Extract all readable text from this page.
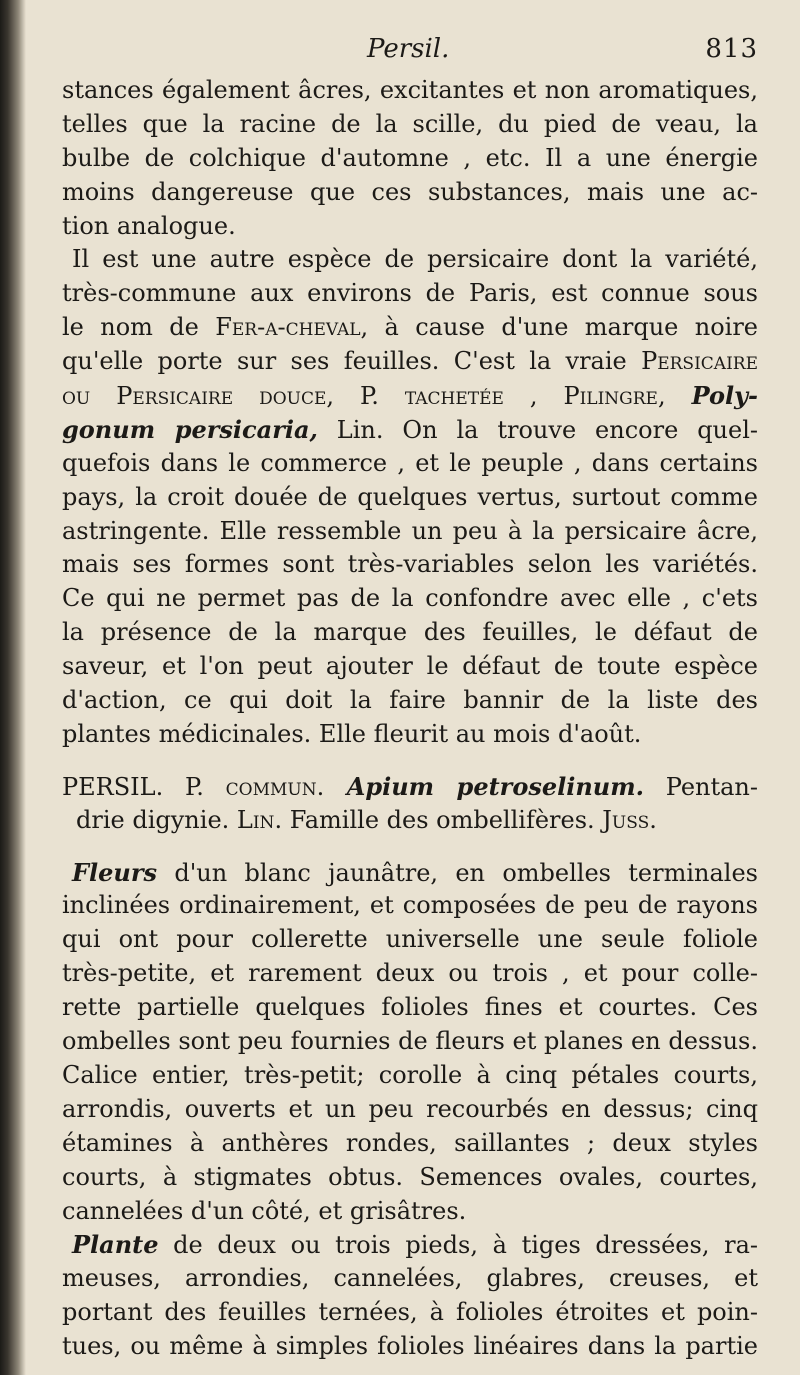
Persil.	813
stances également âcres, excitantes et non aromatiques,
telles que la racine de la scille, du pied de veau, la
bulbe de colchique d'automne , etc. Il a une énergie
moins dangereuse que ces substances, mais une ac-
tion analogue.
Il est une autre espèce de persicaire dont la variété,
très-commune aux environs de Paris, est connue sous
le nom de Fer-a-cheval, à cause d'une marque noire
qu'elle porte sur ses feuilles. C'est la vraie Persicaire
ou Persicaire douce, P. tachetée , Pilingre, Poly-
gonum persicaria, Lin. On la trouve encore quel-
quefois dans le commerce , et le peuple , dans certains
pays, la croit douée de quelques vertus, surtout comme
astringente. Elle ressemble un peu à la persicaire âcre,
mais ses formes sont très-variables selon les variétés.
Ce qui ne permet pas de la confondre avec elle , c'ets
la présence de la marque des feuilles, le défaut de
saveur, et l'on peut ajouter le défaut de toute espèce
d'action, ce qui doit la faire bannir de la liste des
plantes médicinales. Elle fleurit au mois d'août.
PERSIL. P. commun. Apium petroselinum. Pentan-
drie digynie. Lin. Famille des ombellifères. Juss.
Fleurs d'un blanc jaunâtre, en ombelles terminales
inclinées ordinairement, et composées de peu de rayons
qui ont pour collerette universelle une seule foliole
très-petite, et rarement deux ou trois , et pour colle-
rette partielle quelques folioles fines et courtes. Ces
ombelles sont peu fournies de fleurs et planes en dessus.
Calice entier, très-petit; corolle à cinq pétales courts,
arrondis, ouverts et un peu recourbés en dessus; cinq
étamines à anthères rondes, saillantes ; deux styles
courts, à stigmates obtus. Semences ovales, courtes,
cannelées d'un côté, et grisâtres.
Plante de deux ou trois pieds, à tiges dressées, ra-
meuses, arrondies, cannelées, glabres, creuses, et
portant des feuilles ternées, à folioles étroites et poin-
tues, ou même à simples folioles linéaires dans la partie
